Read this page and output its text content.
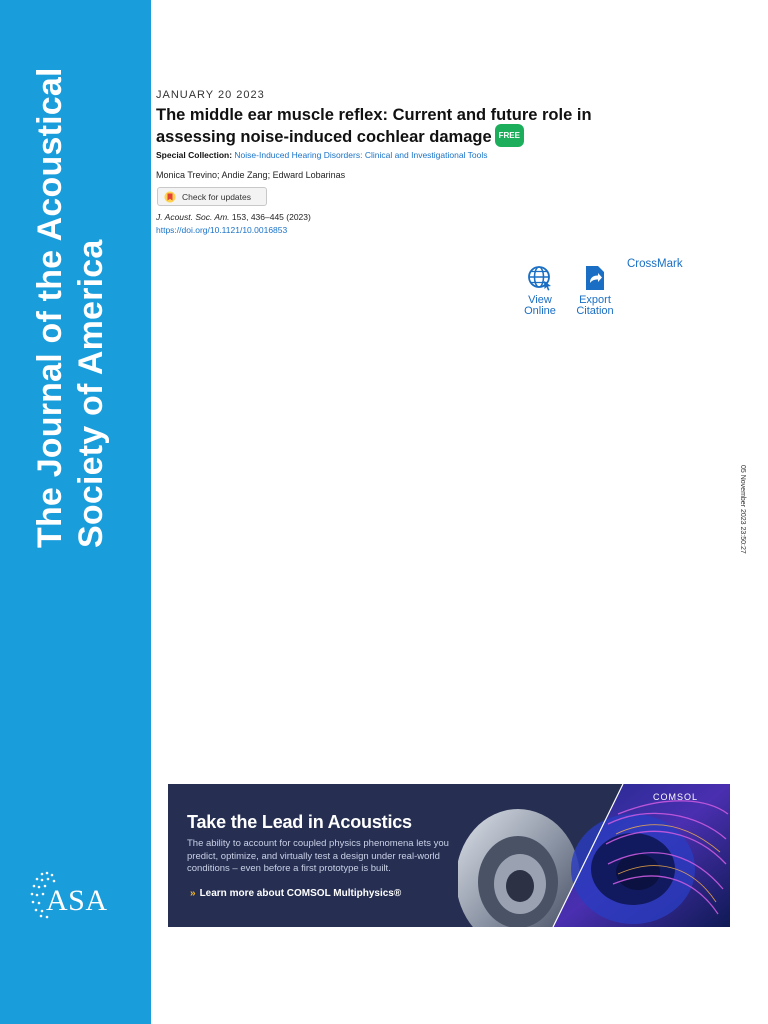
The Journal of the Acoustical Society of America
ASA
JANUARY 20 2023
The middle ear muscle reflex: Current and future role in assessing noise-induced cochlear damage FREE
Special Collection: Noise-Induced Hearing Disorders: Clinical and Investigational Tools
Monica Trevino; Andie Zang; Edward Lobarinas
Check for updates
J. Acoust. Soc. Am. 153, 436–445 (2023)
https://doi.org/10.1121/10.0016853
View
Online
Export
Citation
CrossMark
05 November 2023 23:50:27
COMSOL
Take the Lead in Acoustics
The ability to account for coupled physics phenomena lets you predict, optimize, and virtually test a design under real-world conditions – even before a first prototype is built.
» Learn more about COMSOL Multiphysics®
